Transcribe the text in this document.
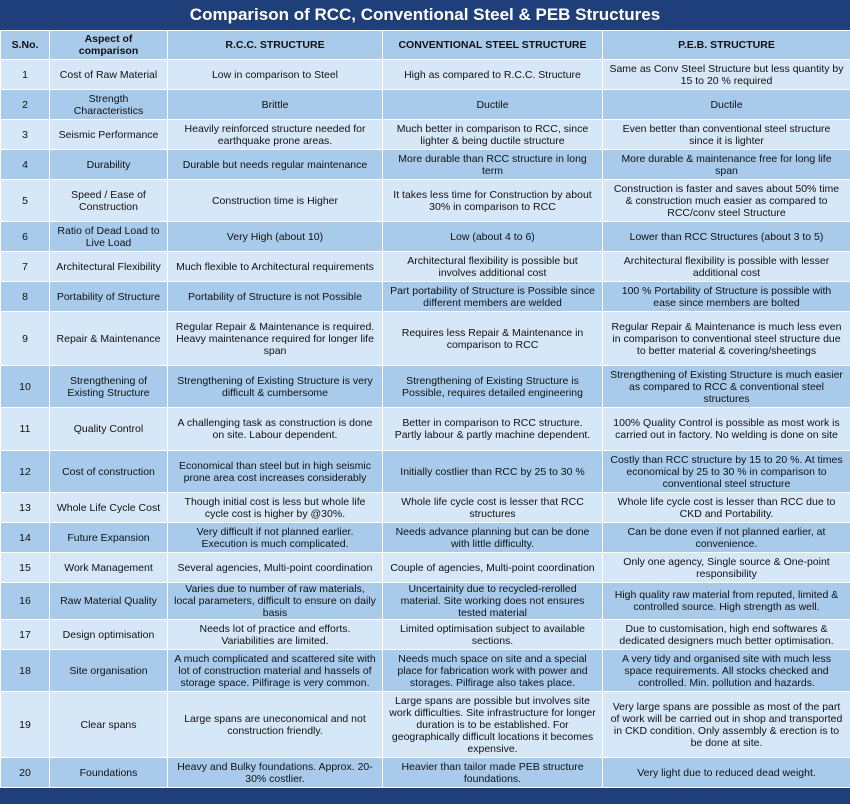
Comparison of RCC, Conventional Steel & PEB Structures
S.No.	Aspect of comparison	R.C.C. STRUCTURE	CONVENTIONAL STEEL STRUCTURE	P.E.B. STRUCTURE
1	Cost of Raw Material	Low in comparison to Steel	High as compared to R.C.C. Structure	Same as Conv Steel Structure but less quantity by 15 to 20 % required
2	Strength Characteristics	Brittle	Ductile	Ductile
3	Seismic Performance	Heavily reinforced structure needed for earthquake prone areas.	Much better in comparison to RCC, since lighter & being ductile structure	Even better than conventional steel structure since it is lighter
4	Durability	Durable but needs regular maintenance	More durable than RCC structure in long term	More durable & maintenance free for long life span
5	Speed / Ease of Construction	Construction time is Higher	It takes less time for Construction by about 30% in comparison to RCC	Construction is faster and saves about 50% time & construction much easier as compared to RCC/conv steel Structure
6	Ratio of Dead Load to Live Load	Very High (about 10)	Low (about 4 to 6)	Lower than RCC Structures (about 3 to 5)
7	Architectural Flexibility	Much flexible to Architectural requirements	Architectural flexibility is possible but involves additional cost	Architectural flexibility is possible with lesser additional cost
8	Portability of Structure	Portability of Structure is not Possible	Part portability of Structure is Possible since different members are welded	100 % Portability of Structure is possible with ease since members are bolted
9	Repair & Maintenance	Regular Repair & Maintenance is required. Heavy maintenance required for longer life span	Requires less Repair & Maintenance in comparison to RCC	Regular Repair & Maintenance is much less even in comparison to conventional steel structure due to better material & covering/sheetings
10	Strengthening of Existing Structure	Strengthening of Existing Structure is very difficult & cumbersome	Strengthening of Existing Structure is Possible, requires detailed engineering	Strengthening of Existing Structure is much easier as compared to RCC & conventional steel structures
11	Quality Control	A challenging task as construction is done on site. Labour dependent.	Better in comparison to RCC structure. Partly labour & partly machine dependent.	100% Quality Control is possible as most work is carried out in factory. No welding is done on site
12	Cost of construction	Economical than steel but in high seismic prone area cost increases considerably	Initially costlier than RCC by 25 to 30 %	Costly than RCC structure by 15 to 20 %. At times economical by 25 to 30 % in comparison to conventional steel structure
13	Whole Life Cycle Cost	Though initial cost is less but whole life cycle cost is higher by @30%.	Whole life cycle cost is lesser that RCC structures	Whole life cycle cost is lesser than RCC due to CKD and Portability.
14	Future Expansion	Very difficult if not planned earlier. Execution is much complicated.	Needs advance planning but can be done with little difficulty.	Can be done even if not planned earlier, at convenience.
15	Work Management	Several agencies, Multi-point coordination	Couple of agencies, Multi-point coordination	Only one agency, Single source & One-point responsibility
16	Raw Material Quality	Varies due to number of raw materials, local parameters, difficult to ensure on daily basis	Uncertainity due to recycled-rerolled material. Site working does not ensures tested material	High quality raw material from reputed, limited & controlled source. High strength as well.
17	Design optimisation	Needs lot of practice and efforts. Variabilities are limited.	Limited optimisation subject to available sections.	Due to customisation, high end softwares & dedicated designers much better optimisation.
18	Site organisation	A much complicated and scattered site with lot of construction material and hassels of storage space. Pilfirage is very common.	Needs much space on site and a special place for fabrication work with power and storages. Pilfirage also takes place.	A very tidy and organised site with much less space requirements. All stocks checked and controlled. Min. pollution and hazards.
19	Clear spans	Large spans are uneconomical and not construction friendly.	Large spans are possible but involves site work difficulties. Site infrastructure for longer duration is to be established. For geographically difficult locations it becomes expensive.	Very large spans are possible as most of the part of work will be carried out in shop and transported in CKD condition. Only assembly & erection is to be done at site.
20	Foundations	Heavy and Bulky foundations. Approx. 20-30% costlier.	Heavier than tailor made PEB structure foundations.	Very light due to reduced dead weight.
